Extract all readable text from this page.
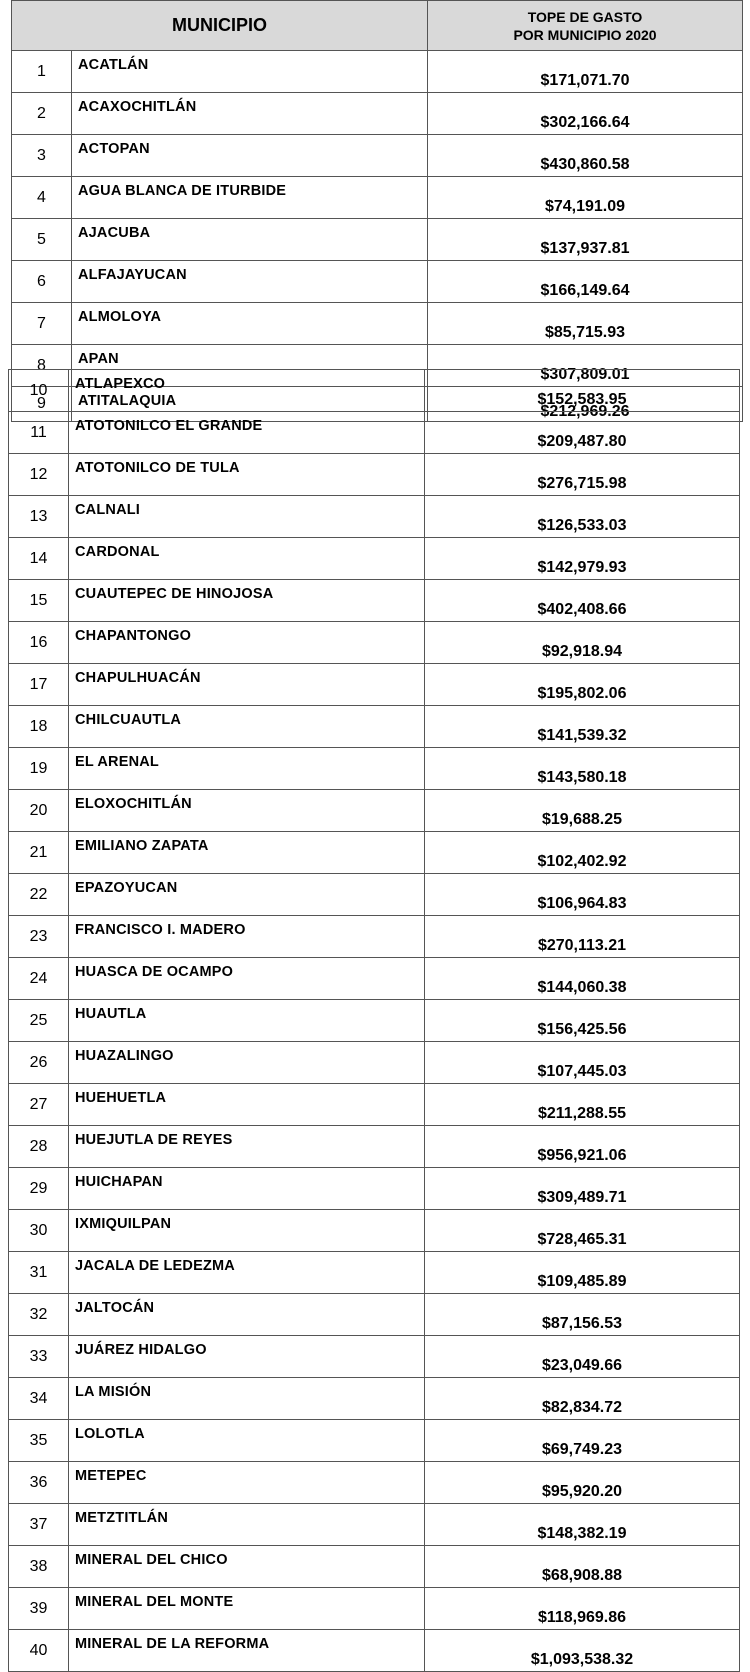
MUNICIPIO		TOPE DE GASTO
POR MUNICIPIO 2020
1	ACATLÁN	$171,071.70
2	ACAXOCHITLÁN	$302,166.64
3	ACTOPAN	$430,860.58
4	AGUA BLANCA DE ITURBIDE	$74,191.09
5	AJACUBA	$137,937.81
6	ALFAJAYUCAN	$166,149.64
7	ALMOLOYA	$85,715.93
8	APAN	$307,809.01
9	ATITALAQUIA	$212,969.26
10	ATLAPEXCO	$152,583.95
11	ATOTONILCO EL GRANDE	$209,487.80
12	ATOTONILCO DE TULA	$276,715.98
13	CALNALI	$126,533.03
14	CARDONAL	$142,979.93
15	CUAUTEPEC DE HINOJOSA	$402,408.66
16	CHAPANTONGO	$92,918.94
17	CHAPULHUACÁN	$195,802.06
18	CHILCUAUTLA	$141,539.32
19	EL ARENAL	$143,580.18
20	ELOXOCHITLÁN	$19,688.25
21	EMILIANO ZAPATA	$102,402.92
22	EPAZOYUCAN	$106,964.83
23	FRANCISCO I. MADERO	$270,113.21
24	HUASCA DE OCAMPO	$144,060.38
25	HUAUTLA	$156,425.56
26	HUAZALINGO	$107,445.03
27	HUEHUETLA	$211,288.55
28	HUEJUTLA DE REYES	$956,921.06
29	HUICHAPAN	$309,489.71
30	IXMIQUILPAN	$728,465.31
31	JACALA DE LEDEZMA	$109,485.89
32	JALTOCÁN	$87,156.53
33	JUÁREZ HIDALGO	$23,049.66
34	LA MISIÓN	$82,834.72
35	LOLOTLA	$69,749.23
36	METEPEC	$95,920.20
37	METZTITLÁN	$148,382.19
38	MINERAL DEL CHICO	$68,908.88
39	MINERAL DEL MONTE	$118,969.86
40	MINERAL DE LA REFORMA	$1,093,538.32
